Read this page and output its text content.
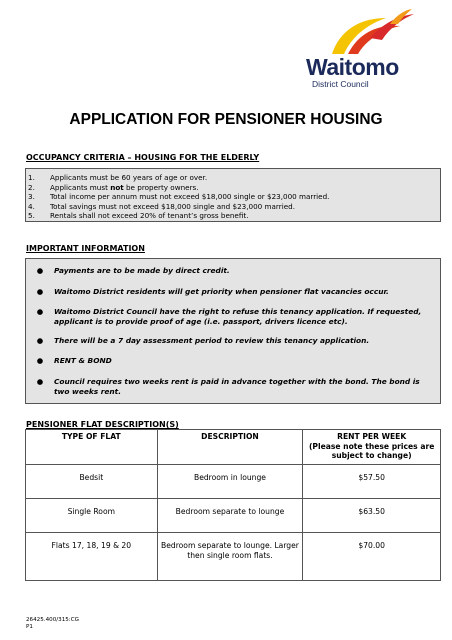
Waitomo
District Council
APPLICATION FOR PENSIONER HOUSING
OCCUPANCY CRITERIA – HOUSING FOR THE ELDERLY
1.	Applicants must be 60 years of age or over.
2.	Applicants must not be property owners.
3.	Total income per annum must not exceed $18,000 single or $23,000 married.
4.	Total savings must not exceed $18,000 single and $23,000 married.
5.	Rentals shall not exceed 20% of tenant’s gross benefit.
IMPORTANT INFORMATION
●	Payments are to be made by direct credit.
●	Waitomo District residents will get priority when pensioner flat vacancies occur.
●	Waitomo District Council have the right to refuse this tenancy application. If requested, applicant is to provide proof of age (i.e. passport, drivers licence etc).
●	There will be a 7 day assessment period to review this tenancy application.
●	RENT & BOND
●	Council requires two weeks rent is paid in advance together with the bond. The bond is two weeks rent.
PENSIONER FLAT DESCRIPTION(S)
TYPE OF FLAT	DESCRIPTION	RENT PER WEEK
(Please note these prices are subject to change)

Bedsit	Bedroom in lounge	$57.50
Single Room	Bedroom separate to lounge	$63.50
Flats 17, 18, 19 & 20	Bedroom separate to lounge. Larger then single room flats.	$70.00
26425.400/315:CG
P1
